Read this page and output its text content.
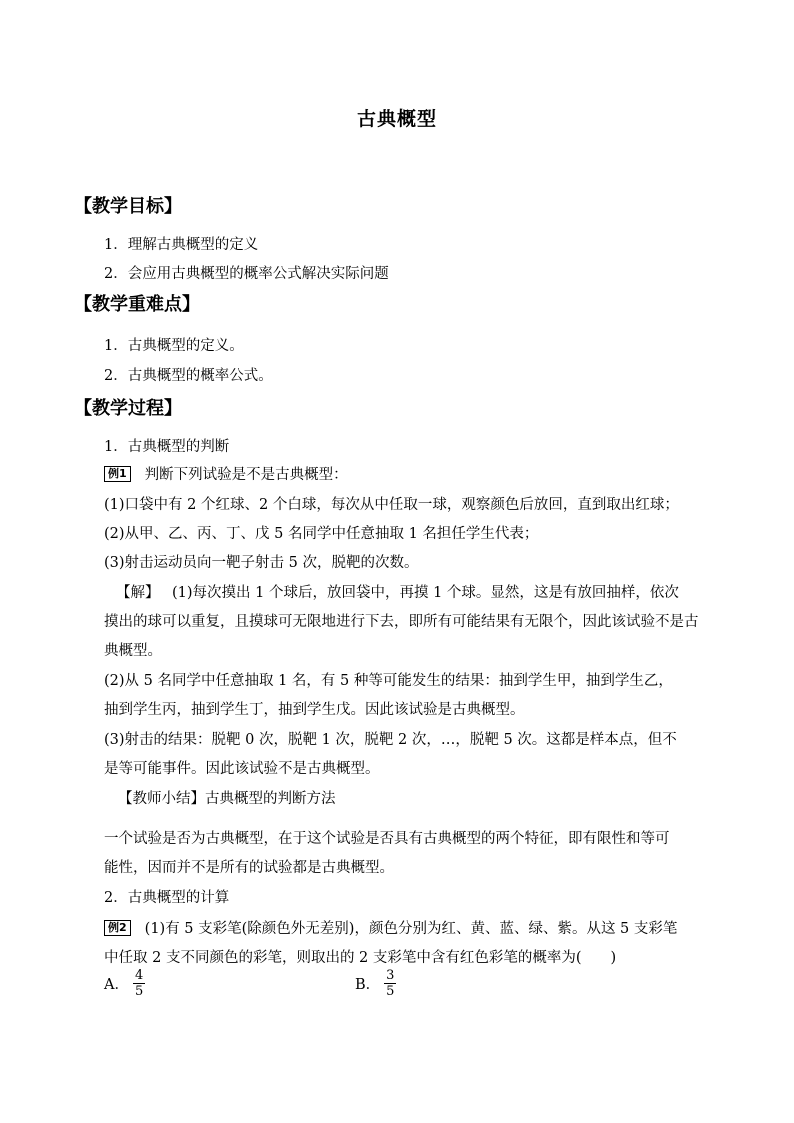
古典概型
【教学目标】
1．理解古典概型的定义
2．会应用古典概型的概率公式解决实际问题
【教学重难点】
1．古典概型的定义。
2．古典概型的概率公式。
【教学过程】
1．古典概型的判断
例1 判断下列试验是不是古典概型：
(1)口袋中有 2 个红球、2 个白球，每次从中任取一球，观察颜色后放回，直到取出红球；
(2)从甲、乙、丙、丁、戊 5 名同学中任意抽取 1 名担任学生代表；
(3)射击运动员向一靶子射击 5 次，脱靶的次数。
【解】 (1)每次摸出 1 个球后，放回袋中，再摸 1 个球。显然，这是有放回抽样，依次
摸出的球可以重复，且摸球可无限地进行下去，即所有可能结果有无限个，因此该试验不是古
典概型。
(2)从 5 名同学中任意抽取 1 名，有 5 种等可能发生的结果：抽到学生甲，抽到学生乙，
抽到学生丙，抽到学生丁，抽到学生戊。因此该试验是古典概型。
(3)射击的结果：脱靶 0 次，脱靶 1 次，脱靶 2 次，…，脱靶 5 次。这都是样本点，但不
是等可能事件。因此该试验不是古典概型。
【教师小结】古典概型的判断方法
一个试验是否为古典概型，在于这个试验是否具有古典概型的两个特征，即有限性和等可
能性，因而并不是所有的试验都是古典概型。
2．古典概型的计算
例2 (1)有 5 支彩笔(除颜色外无差别)，颜色分别为红、黄、蓝、绿、紫。从这 5 支彩笔
中任取 2 支不同颜色的彩笔，则取出的 2 支彩笔中含有红色彩笔的概率为(　　)
A． $\frac{4}{5}$	B． $\frac{3}{5}$
